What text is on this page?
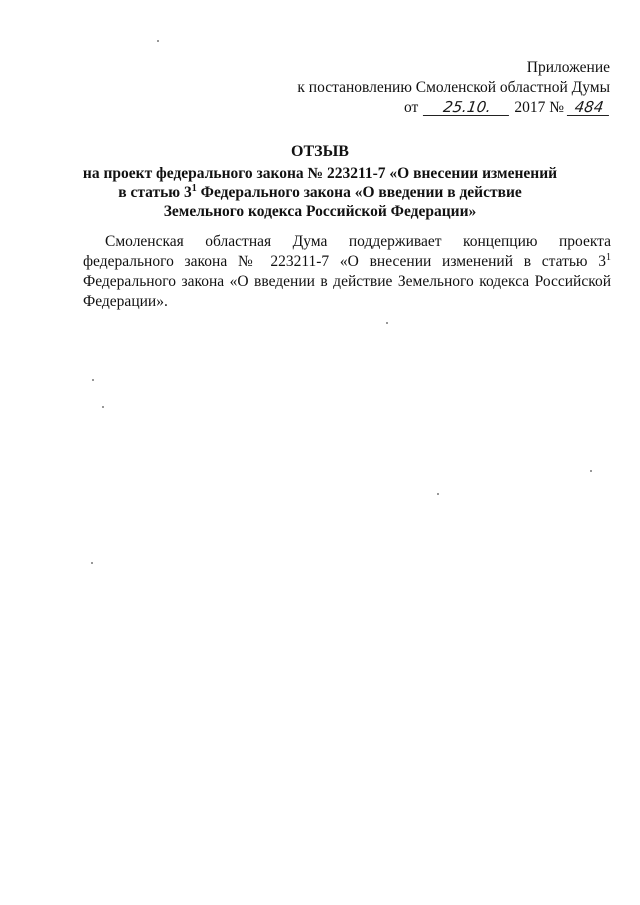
Приложение
к постановлению Смоленской областной Думы
от 25.10. 2017 № 484
ОТЗЫВ
на проект федерального закона № 223211-7 «О внесении изменений
в статью $3^1$ Федерального закона «О введении в действие
Земельного кодекса Российской Федерации»
Смоленская областная Дума поддерживает концепцию проекта федерального закона № 223211-7 «О внесении изменений в статью $3^1$ Федерального закона «О введении в действие Земельного кодекса Российской Федерации».
